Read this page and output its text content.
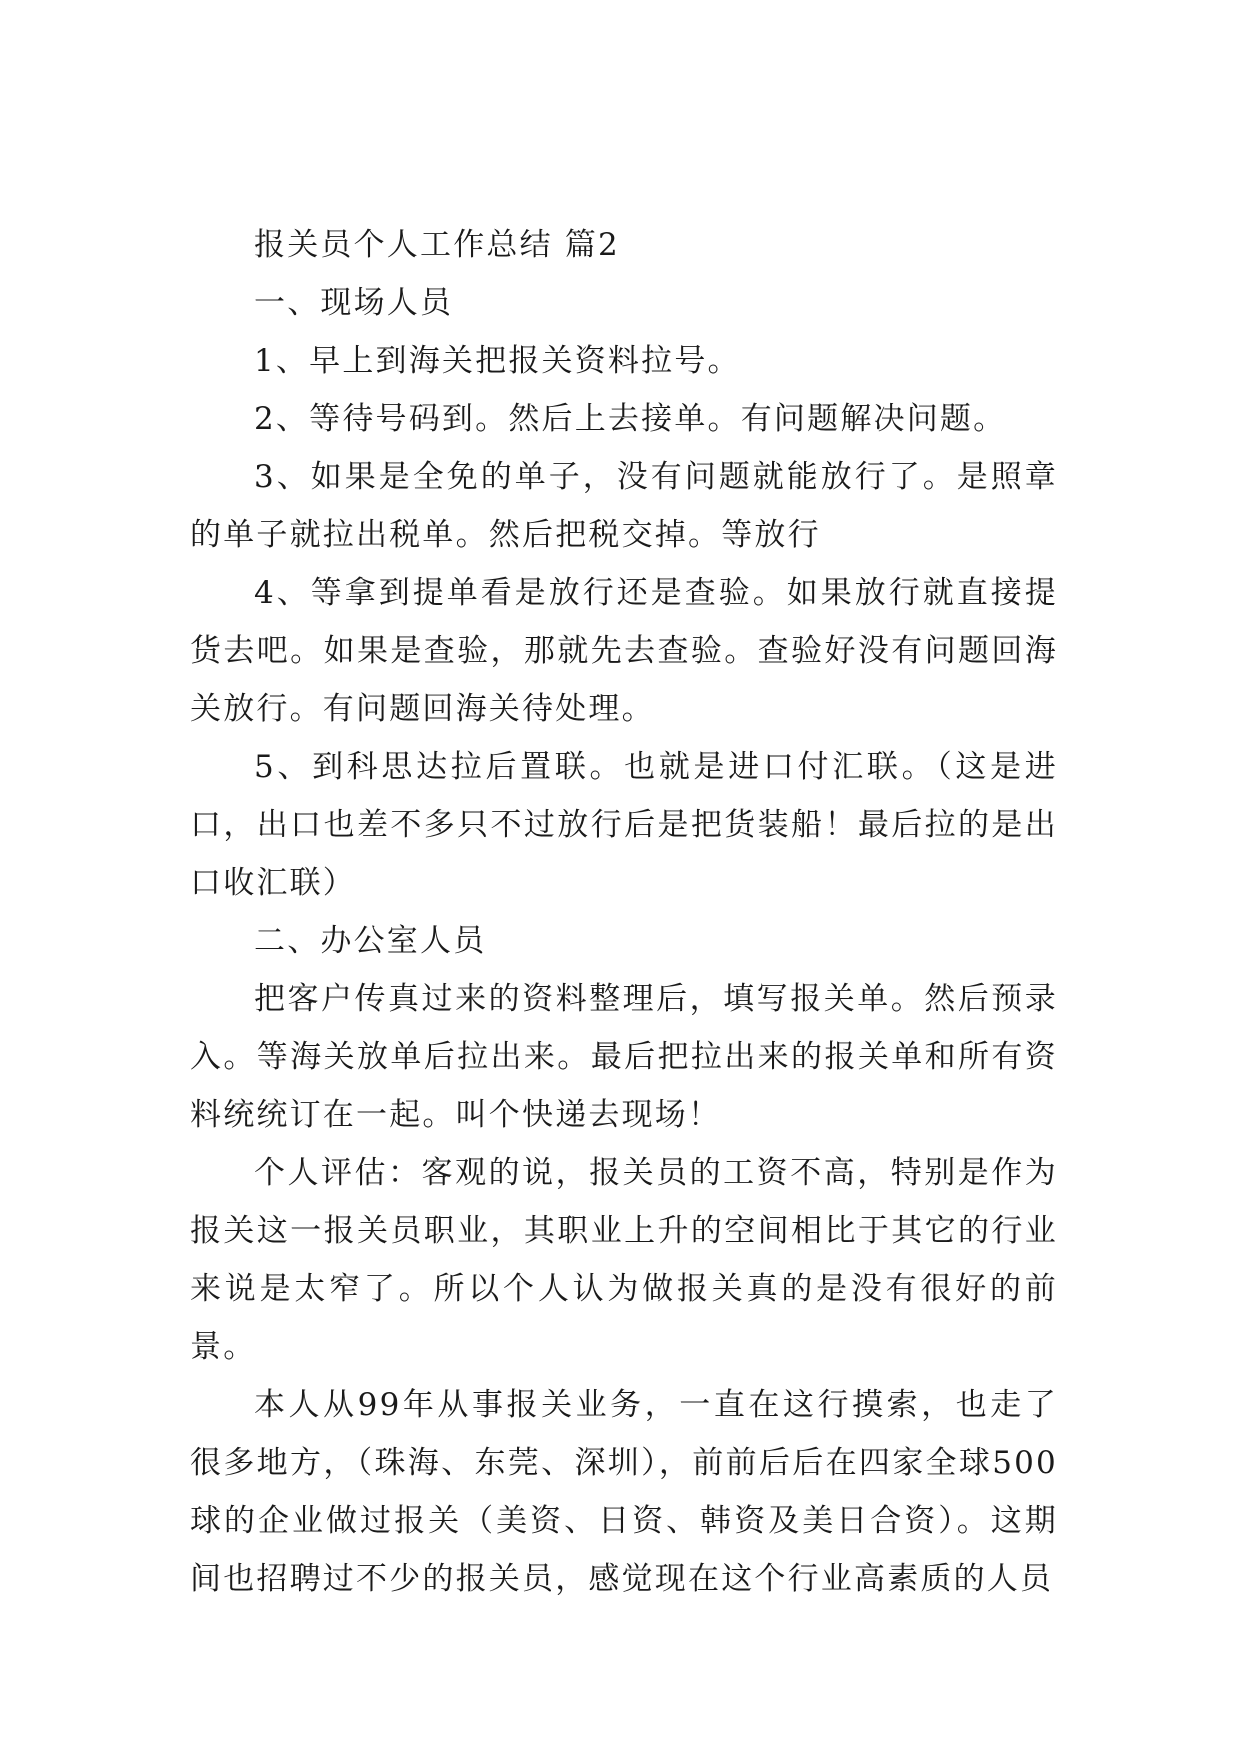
报关员个人工作总结 篇2

一、现场人员

1、早上到海关把报关资料拉号。

2、等待号码到。然后上去接单。有问题解决问题。

3、如果是全免的单子，没有问题就能放行了。是照章的单子就拉出税单。然后把税交掉。等放行

4、等拿到提单看是放行还是查验。如果放行就直接提货去吧。如果是查验，那就先去查验。查验好没有问题回海关放行。有问题回海关待处理。

5、到科思达拉后置联。也就是进口付汇联。（这是进口，出口也差不多只不过放行后是把货装船！最后拉的是出口收汇联）

二、办公室人员

把客户传真过来的资料整理后，填写报关单。然后预录入。等海关放单后拉出来。最后把拉出来的报关单和所有资料统统订在一起。叫个快递去现场！

个人评估：客观的说，报关员的工资不高，特别是作为报关这一报关员职业，其职业上升的空间相比于其它的行业来说是太窄了。所以个人认为做报关真的是没有很好的前景。

本人从99年从事报关业务，一直在这行摸索，也走了很多地方，（珠海、东莞、深圳），前前后后在四家全球500球的企业做过报关（美资、日资、韩资及美日合资）。这期间也招聘过不少的报关员，感觉现在这个行业高素质的人员
